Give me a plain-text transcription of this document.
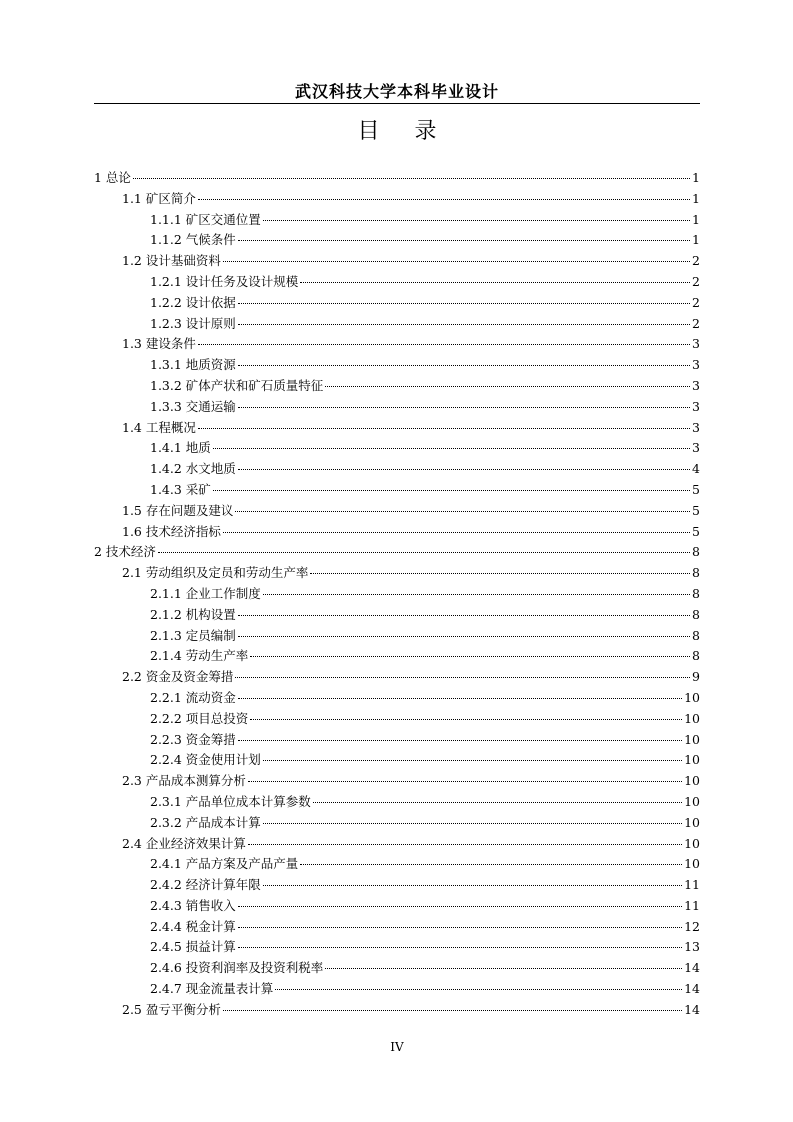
武汉科技大学本科毕业设计
目 录
1 总论	1
1.1 矿区简介	1
1.1.1 矿区交通位置	1
1.1.2 气候条件	1
1.2 设计基础资料	2
1.2.1 设计任务及设计规模	2
1.2.2 设计依据	2
1.2.3 设计原则	2
1.3 建设条件	3
1.3.1 地质资源	3
1.3.2 矿体产状和矿石质量特征	3
1.3.3 交通运输	3
1.4 工程概况	3
1.4.1 地质	3
1.4.2 水文地质	4
1.4.3 采矿	5
1.5 存在问题及建议	5
1.6 技术经济指标	5
2 技术经济	8
2.1 劳动组织及定员和劳动生产率	8
2.1.1 企业工作制度	8
2.1.2 机构设置	8
2.1.3 定员编制	8
2.1.4 劳动生产率	8
2.2 资金及资金筹措	9
2.2.1 流动资金	10
2.2.2 项目总投资	10
2.2.3 资金筹措	10
2.2.4 资金使用计划	10
2.3 产品成本测算分析	10
2.3.1 产品单位成本计算参数	10
2.3.2 产品成本计算	10
2.4 企业经济效果计算	10
2.4.1 产品方案及产品产量	10
2.4.2 经济计算年限	11
2.4.3 销售收入	11
2.4.4 税金计算	12
2.4.5 损益计算	13
2.4.6 投资利润率及投资利税率	14
2.4.7 现金流量表计算	14
2.5 盈亏平衡分析	14
IV
